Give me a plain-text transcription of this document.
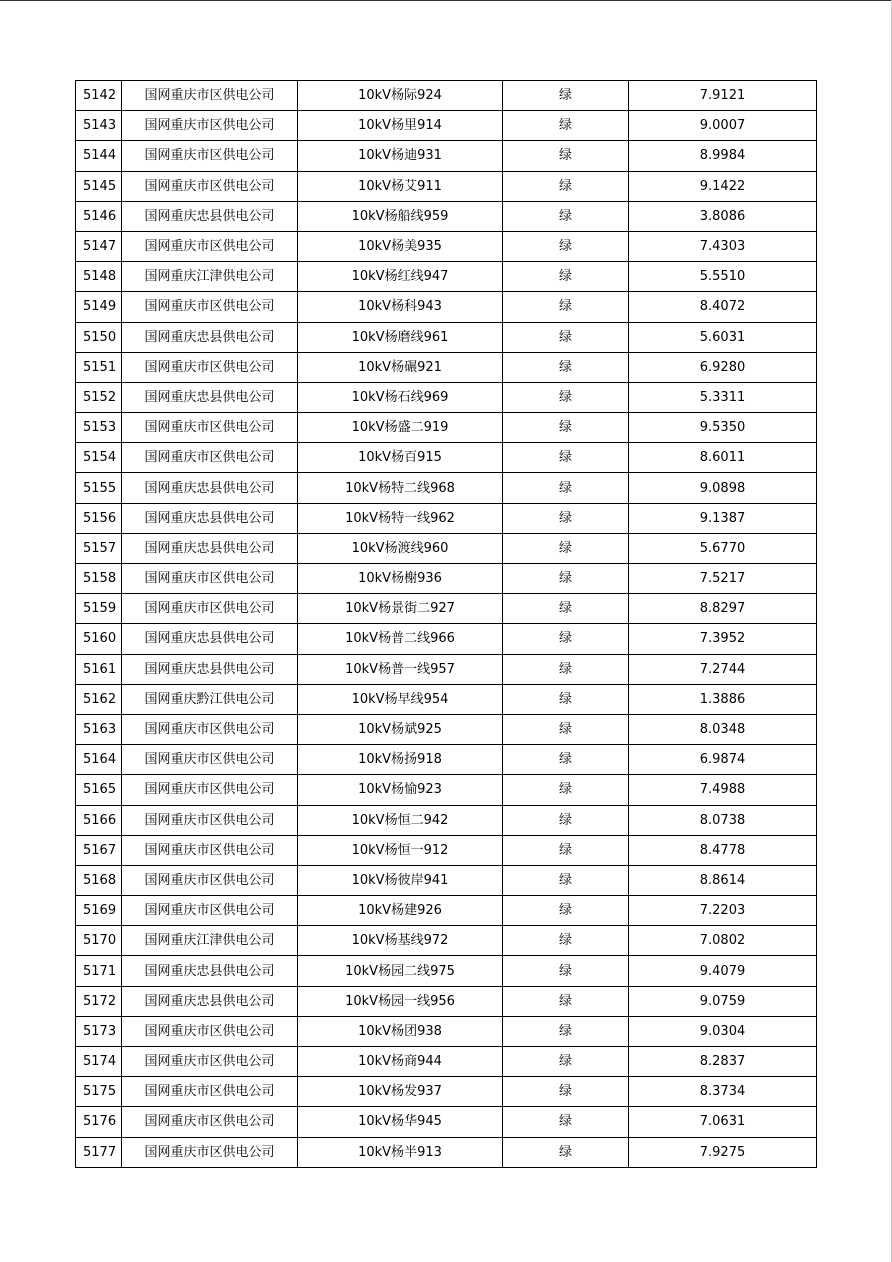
5142	国网重庆市区供电公司	10kV杨际924	绿	7.9121
5143	国网重庆市区供电公司	10kV杨里914	绿	9.0007
5144	国网重庆市区供电公司	10kV杨迪931	绿	8.9984
5145	国网重庆市区供电公司	10kV杨艾911	绿	9.1422
5146	国网重庆忠县供电公司	10kV杨船线959	绿	3.8086
5147	国网重庆市区供电公司	10kV杨美935	绿	7.4303
5148	国网重庆江津供电公司	10kV杨红线947	绿	5.5510
5149	国网重庆市区供电公司	10kV杨科943	绿	8.4072
5150	国网重庆忠县供电公司	10kV杨磨线961	绿	5.6031
5151	国网重庆市区供电公司	10kV杨碾921	绿	6.9280
5152	国网重庆忠县供电公司	10kV杨石线969	绿	5.3311
5153	国网重庆市区供电公司	10kV杨盛二919	绿	9.5350
5154	国网重庆市区供电公司	10kV杨百915	绿	8.6011
5155	国网重庆忠县供电公司	10kV杨特二线968	绿	9.0898
5156	国网重庆忠县供电公司	10kV杨特一线962	绿	9.1387
5157	国网重庆忠县供电公司	10kV杨渡线960	绿	5.6770
5158	国网重庆市区供电公司	10kV杨榭936	绿	7.5217
5159	国网重庆市区供电公司	10kV杨景街二927	绿	8.8297
5160	国网重庆忠县供电公司	10kV杨普二线966	绿	7.3952
5161	国网重庆忠县供电公司	10kV杨普一线957	绿	7.2744
5162	国网重庆黔江供电公司	10kV杨早线954	绿	1.3886
5163	国网重庆市区供电公司	10kV杨斌925	绿	8.0348
5164	国网重庆市区供电公司	10kV杨扬918	绿	6.9874
5165	国网重庆市区供电公司	10kV杨愉923	绿	7.4988
5166	国网重庆市区供电公司	10kV杨恒二942	绿	8.0738
5167	国网重庆市区供电公司	10kV杨恒一912	绿	8.4778
5168	国网重庆市区供电公司	10kV杨彼岸941	绿	8.8614
5169	国网重庆市区供电公司	10kV杨建926	绿	7.2203
5170	国网重庆江津供电公司	10kV杨基线972	绿	7.0802
5171	国网重庆忠县供电公司	10kV杨园二线975	绿	9.4079
5172	国网重庆忠县供电公司	10kV杨园一线956	绿	9.0759
5173	国网重庆市区供电公司	10kV杨团938	绿	9.0304
5174	国网重庆市区供电公司	10kV杨商944	绿	8.2837
5175	国网重庆市区供电公司	10kV杨发937	绿	8.3734
5176	国网重庆市区供电公司	10kV杨华945	绿	7.0631
5177	国网重庆市区供电公司	10kV杨半913	绿	7.9275
